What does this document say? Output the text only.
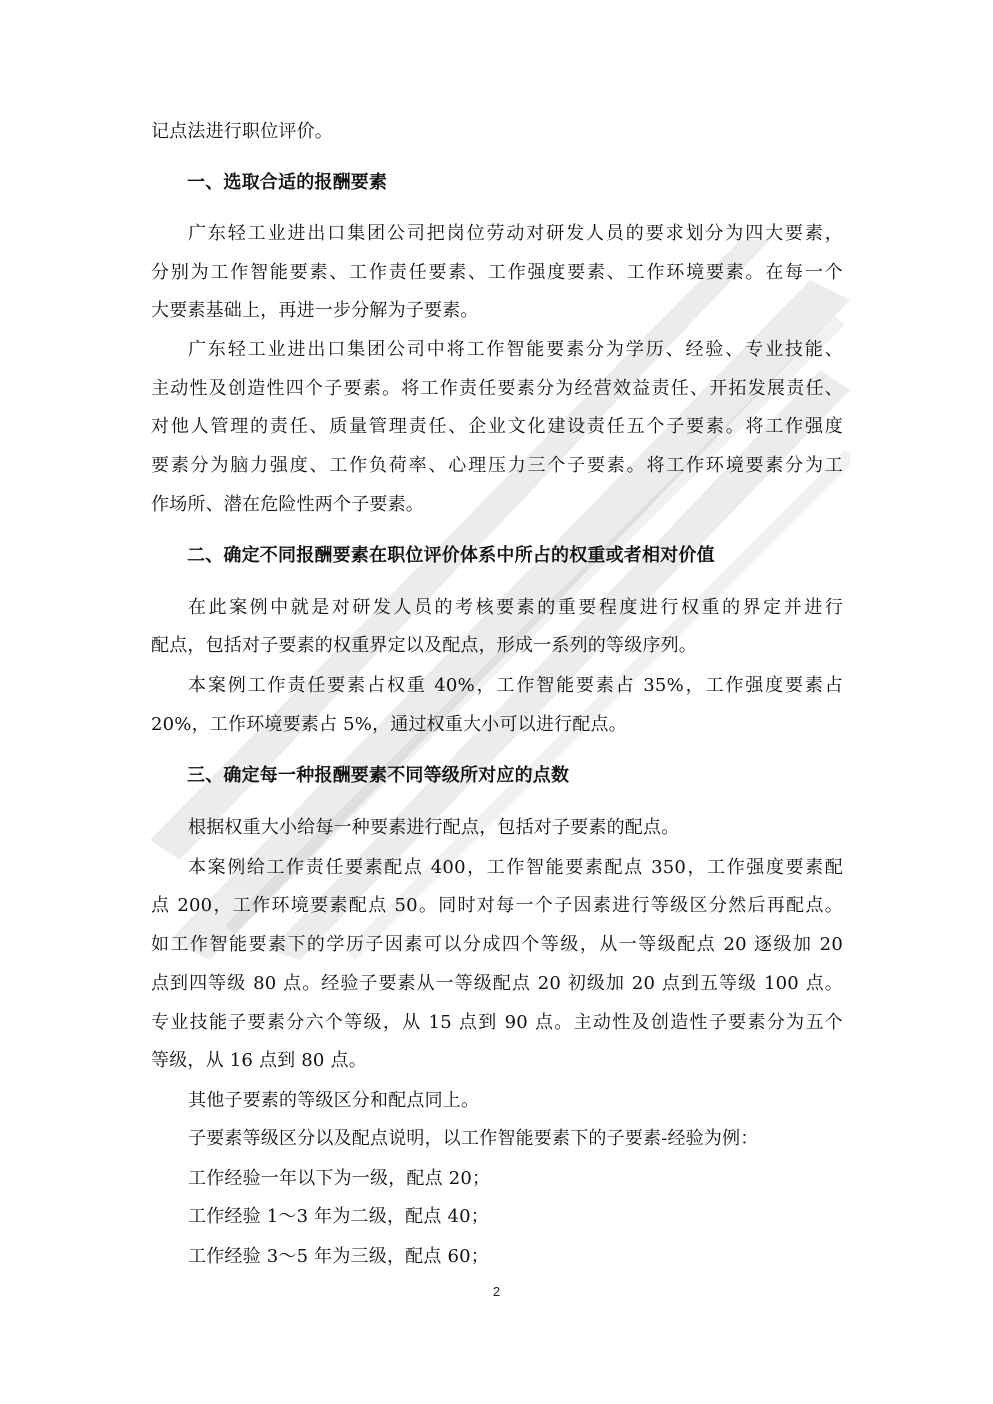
记点法进行职位评价。
一、选取合适的报酬要素
广东轻工业进出口集团公司把岗位劳动对研发人员的要求划分为四大要素，
分别为工作智能要素、工作责任要素、工作强度要素、工作环境要素。在每一个
大要素基础上，再进一步分解为子要素。
广东轻工业进出口集团公司中将工作智能要素分为学历、经验、专业技能、
主动性及创造性四个子要素。将工作责任要素分为经营效益责任、开拓发展责任、
对他人管理的责任、质量管理责任、企业文化建设责任五个子要素。将工作强度
要素分为脑力强度、工作负荷率、心理压力三个子要素。将工作环境要素分为工
作场所、潜在危险性两个子要素。
二、确定不同报酬要素在职位评价体系中所占的权重或者相对价值
在此案例中就是对研发人员的考核要素的重要程度进行权重的界定并进行
配点，包括对子要素的权重界定以及配点，形成一系列的等级序列。
本案例工作责任要素占权重 40%，工作智能要素占 35%，工作强度要素占
20%，工作环境要素占 5%，通过权重大小可以进行配点。
三、确定每一种报酬要素不同等级所对应的点数
根据权重大小给每一种要素进行配点，包括对子要素的配点。
本案例给工作责任要素配点 400，工作智能要素配点 350，工作强度要素配
点 200，工作环境要素配点 50。同时对每一个子因素进行等级区分然后再配点。
如工作智能要素下的学历子因素可以分成四个等级，从一等级配点 20 逐级加 20
点到四等级 80 点。经验子要素从一等级配点 20 初级加 20 点到五等级 100 点。
专业技能子要素分六个等级，从 15 点到 90 点。主动性及创造性子要素分为五个
等级，从 16 点到 80 点。
其他子要素的等级区分和配点同上。
子要素等级区分以及配点说明，以工作智能要素下的子要素-经验为例：
工作经验一年以下为一级，配点 20；
工作经验 1～3 年为二级，配点 40；
工作经验 3～5 年为三级，配点 60；
2
